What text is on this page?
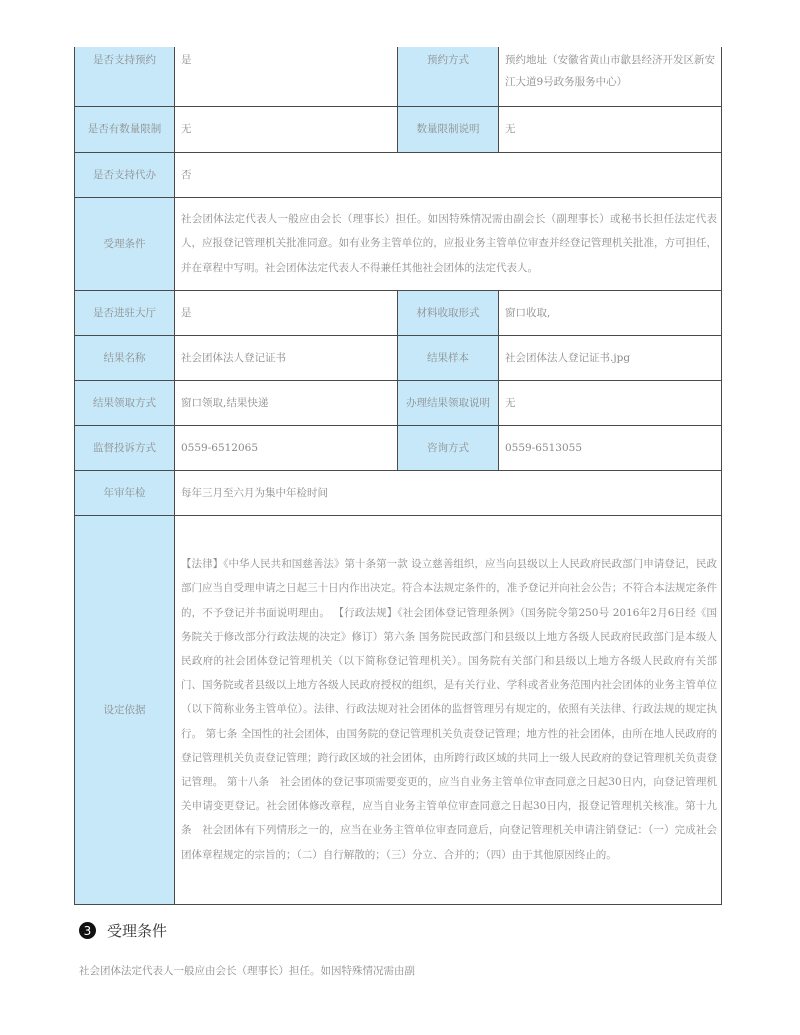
是否支持预约	是	预约方式	预约地址（安徽省黄山市歙县经济开发区新安江大道9号政务服务中心）
是否有数量限制	无	数量限制说明	无
是否支持代办	否		
受理条件	社会团体法定代表人一般应由会长（理事长）担任。如因特殊情况需由副会长（副理事长）或秘书长担任法定代表人，应报登记管理机关批准同意。如有业务主管单位的，应报业务主管单位审查并经登记管理机关批准，方可担任，并在章程中写明。社会团体法定代表人不得兼任其他社会团体的法定代表人。		
是否进驻大厅	是	材料收取形式	窗口收取,
结果名称	社会团体法人登记证书	结果样本	社会团体法人登记证书.jpg
结果领取方式	窗口领取,结果快递	办理结果领取说明	无
监督投诉方式	0559-6512065	咨询方式	0559-6513055
年审年检	每年三月至六月为集中年检时间		
设定依据	【法律】《中华人民共和国慈善法》第十条第一款 设立慈善组织，应当向县级以上人民政府民政部门申请登记，民政部门应当自受理申请之日起三十日内作出决定。符合本法规定条件的，准予登记并向社会公告；不符合本法规定条件的，不予登记并书面说明理由。 【行政法规】《社会团体登记管理条例》（国务院令第250号 2016年2月6日经《国务院关于修改部分行政法规的决定》修订）第六条 国务院民政部门和县级以上地方各级人民政府民政部门是本级人民政府的社会团体登记管理机关（以下简称登记管理机关）。国务院有关部门和县级以上地方各级人民政府有关部门、国务院或者县级以上地方各级人民政府授权的组织，是有关行业、学科或者业务范围内社会团体的业务主管单位（以下简称业务主管单位）。法律、行政法规对社会团体的监督管理另有规定的，依照有关法律、行政法规的规定执行。 第七条 全国性的社会团体，由国务院的登记管理机关负责登记管理；地方性的社会团体，由所在地人民政府的登记管理机关负责登记管理；跨行政区域的社会团体，由所跨行政区域的共同上一级人民政府的登记管理机关负责登记管理。 第十八条　社会团体的登记事项需要变更的，应当自业务主管单位审查同意之日起30日内，向登记管理机关申请变更登记。社会团体修改章程，应当自业务主管单位审查同意之日起30日内，报登记管理机关核准。第十九条　社会团体有下列情形之一的，应当在业务主管单位审查同意后，向登记管理机关申请注销登记：（一）完成社会团体章程规定的宗旨的；（二）自行解散的；（三）分立、合并的；（四）由于其他原因终止的。		
3	受理条件
社会团体法定代表人一般应由会长（理事长）担任。如因特殊情况需由副
